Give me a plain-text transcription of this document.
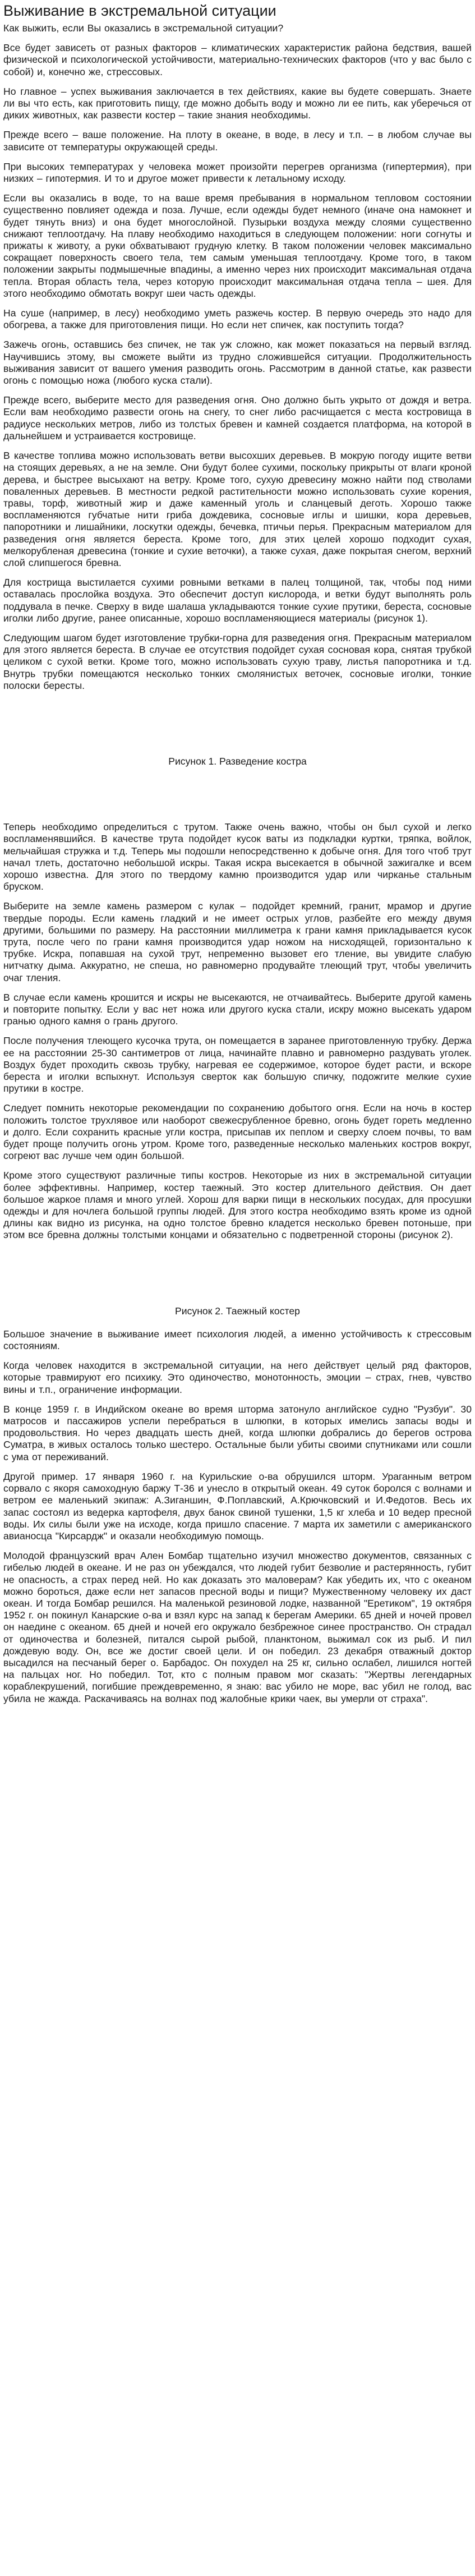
Выживание в экстремальной ситуации

Как выжить, если Вы оказались в экстремальной ситуации?

Все будет зависеть от разных факторов – климатических характеристик района бедствия, вашей физической и психологической устойчивости, материально-технических факторов (что у вас было с собой) и, конечно же, стрессовых.

Но главное – успех выживания заключается в тех действиях, какие вы будете совершать. Знаете ли вы что есть, как приготовить пищу, где можно добыть воду и можно ли ее пить, как уберечься от диких животных, как развести костер – такие знания необходимы.

Прежде всего – ваше положение. На плоту в океане, в воде, в лесу и т.п. – в любом случае вы зависите от температуры окружающей среды.

При высоких температурах у человека может произойти перегрев организма (гипертермия), при низких – гипотермия. И то и другое может привести к летальному исходу.

Если вы оказались в воде, то на ваше время пребывания в нормальном тепловом состоянии существенно повлияет одежда и поза. Лучше, если одежды будет немного (иначе она намокнет и будет тянуть вниз) и она будет многослойной. Пузырьки воздуха между слоями существенно снижают теплоотдачу. На плаву необходимо находиться в следующем положении: ноги согнуты и прижаты к животу, а руки обхватывают грудную клетку. В таком положении человек максимально сокращает поверхность своего тела, тем самым уменьшая теплоотдачу. Кроме того, в таком положении закрыты подмышечные впадины, а именно через них происходит максимальная отдача тепла. Вторая область тела, через которую происходит максимальная отдача тепла – шея. Для этого необходимо обмотать вокруг шеи часть одежды.

На суше (например, в лесу) необходимо уметь разжечь костер. В первую очередь это надо для обогрева, а также для приготовления пищи. Но если нет спичек, как поступить тогда?

Зажечь огонь, оставшись без спичек, не так уж сложно, как может показаться на первый взгляд. Научившись этому, вы сможете выйти из трудно сложившейся ситуации. Продолжительность выживания зависит от вашего умения разводить огонь. Рассмотрим в данной статье, как развести огонь с помощью ножа (любого куска стали).

Прежде всего, выберите место для разведения огня. Оно должно быть укрыто от дождя и ветра. Если вам необходимо развести огонь на снегу, то снег либо расчищается с места костровища в радиусе нескольких метров, либо из толстых бревен и камней создается платформа, на которой в дальнейшем и устраивается костровище.

В качестве топлива можно использовать ветви высохших деревьев. В мокрую погоду ищите ветви на стоящих деревьях, а не на земле. Они будут более сухими, поскольку прикрыты от влаги кроной дерева, и быстрее высыхают на ветру. Кроме того, сухую древесину можно найти под стволами поваленных деревьев. В местности редкой растительности можно использовать сухие корения, травы, торф, животный жир и даже каменный уголь и сланцевый деготь. Хорошо также воспламеняются губчатые нити гриба дождевика, сосновые иглы и шишки, кора деревьев, папоротники и лишайники, лоскутки одежды, бечевка, птичьи перья. Прекрасным материалом для разведения огня является береста. Кроме того, для этих целей хорошо подходит сухая, мелкорубленая древесина (тонкие и сухие веточки), а также сухая, даже покрытая снегом, верхний слой слипшегося бревна.

Для кострища выстилается сухими ровными ветками в палец толщиной, так, чтобы под ними оставалась прослойка воздуха. Это обеспечит доступ кислорода, и ветки будут выполнять роль поддувала в печке. Сверху в виде шалаша укладываются тонкие сухие прутики, береста, сосновые иголки либо другие, ранее описанные, хорошо воспламеняющиеся материалы (рисунок 1).

Следующим шагом будет изготовление трубки-горна для разведения огня. Прекрасным материалом для этого является береста. В случае ее отсутствия подойдет сухая сосновая кора, снятая трубкой целиком с сухой ветки. Кроме того, можно использовать сухую траву, листья папоротника и т.д. Внутрь трубки помещаются несколько тонких смолянистых веточек, сосновые иголки, тонкие полоски бересты.

Рисунок 1. Разведение костра

Теперь необходимо определиться с трутом. Также очень важно, чтобы он был сухой и легко воспламенявшийся. В качестве трута подойдет кусок ваты из подкладки куртки, тряпка, войлок, мельчайшая стружка и т.д. Теперь мы подошли непосредственно к добыче огня. Для того чтоб трут начал тлеть, достаточно небольшой искры. Такая искра высекается в обычной зажигалке и всем хорошо известна. Для этого по твердому камню производится удар или чирканье стальным бруском.

Выберите на земле камень размером с кулак – подойдет кремний, гранит, мрамор и другие твердые породы. Если камень гладкий и не имеет острых углов, разбейте его между двумя другими, большими по размеру. На расстоянии миллиметра к грани камня прикладывается кусок трута, после чего по грани камня производится удар ножом на нисходящей, горизонтально к трубке. Искра, попавшая на сухой трут, непременно вызовет его тление, вы увидите слабую нитчатку дыма. Аккуратно, не спеша, но равномерно продувайте тлеющий трут, чтобы увеличить очаг тления.

В случае если камень крошится и искры не высекаются, не отчаивайтесь. Выберите другой камень и повторите попытку. Если у вас нет ножа или другого куска стали, искру можно высекать ударом гранью одного камня о грань другого.

После получения тлеющего кусочка трута, он помещается в заранее приготовленную трубку. Держа ее на расстоянии 25-30 сантиметров от лица, начинайте плавно и равномерно раздувать уголек. Воздух будет проходить сквозь трубку, нагревая ее содержимое, которое будет расти, и вскоре береста и иголки вспыхнут. Используя сверток как большую спичку, подожгите мелкие сухие прутики в костре.

Следует помнить некоторые рекомендации по сохранению добытого огня. Если на ночь в костер положить толстое трухлявое или наоборот свежесрубленное бревно, огонь будет гореть медленно и долго. Если сохранить красные угли костра, присыпав их пеплом и сверху слоем почвы, то вам будет проще получить огонь утром. Кроме того, разведенные несколько маленьких костров вокруг, согреют вас лучше чем один большой.

Кроме этого существуют различные типы костров. Некоторые из них в экстремальной ситуации более эффективны. Например, костер таежный. Это костер длительного действия. Он дает большое жаркое пламя и много углей. Хорош для варки пищи в нескольких посудах, для просушки одежды и для ночлега большой группы людей. Для этого костра необходимо взять кроме из одной длины как видно из рисунка, на одно толстое бревно кладется несколько бревен потоньше, при этом все бревна должны толстыми концами и обязательно с подветренной стороны (рисунок 2).

Рисунок 2. Таежный костер

Большое значение в выживание имеет психология людей, а именно устойчивость к стрессовым состояниям.

Когда человек находится в экстремальной ситуации, на него действует целый ряд факторов, которые травмируют его психику. Это одиночество, монотонность, эмоции – страх, гнев, чувство вины и т.п., ограничение информации.

В конце 1959 г. в Индийском океане во время шторма затонуло английское судно "Рузбуи". 30 матросов и пассажиров успели перебраться в шлюпки, в которых имелись запасы воды и продовольствия. Но через двадцать шесть дней, когда шлюпки добрались до берегов острова Суматра, в живых осталось только шестеро. Остальные были убиты своими спутниками или сошли с ума от переживаний.

Другой пример. 17 января 1960 г. на Курильские о-ва обрушился шторм. Ураганным ветром сорвало с якоря самоходную баржу Т-36 и унесло в открытый океан. 49 суток боролся с волнами и ветром ее маленький экипаж: А.Зиганшин, Ф.Поплавский, А.Крючковский и И.Федотов. Весь их запас состоял из ведерка картофеля, двух банок свиной тушенки, 1,5 кг хлеба и 10 ведер пресной воды. Их силы были уже на исходе, когда пришло спасение. 7 марта их заметили с американского авианосца "Кирсардж" и оказали необходимую помощь.

Молодой французский врач Ален Бомбар тщательно изучил множество документов, связанных с гибелью людей в океане. И не раз он убеждался, что людей губит безволие и растерянность, губит не опасность, а страх перед ней. Но как доказать это маловерам? Как убедить их, что с океаном можно бороться, даже если нет запасов пресной воды и пищи? Мужественному человеку их даст океан. И тогда Бомбар решился. На маленькой резиновой лодке, названной "Еретиком", 19 октября 1952 г. он покинул Канарские о-ва и взял курс на запад к берегам Америки. 65 дней и ночей провел он наедине с океаном. 65 дней и ночей его окружало безбрежное синее пространство. Он страдал от одиночества и болезней, питался сырой рыбой, планктоном, выжимал сок из рыб. И пил дождевую воду. Он, все же достиг своей цели. И он победил. 23 декабря отважный доктор высадился на песчаный берег о. Барбадос. Он похудел на 25 кг, сильно ослабел, лишился ногтей на пальцах ног. Но победил. Тот, кто с полным правом мог сказать: "Жертвы легендарных кораблекрушений, погибшие преждевременно, я знаю: вас убило не море, вас убил не голод, вас убила не жажда. Раскачиваясь на волнах под жалобные крики чаек, вы умерли от страха".
